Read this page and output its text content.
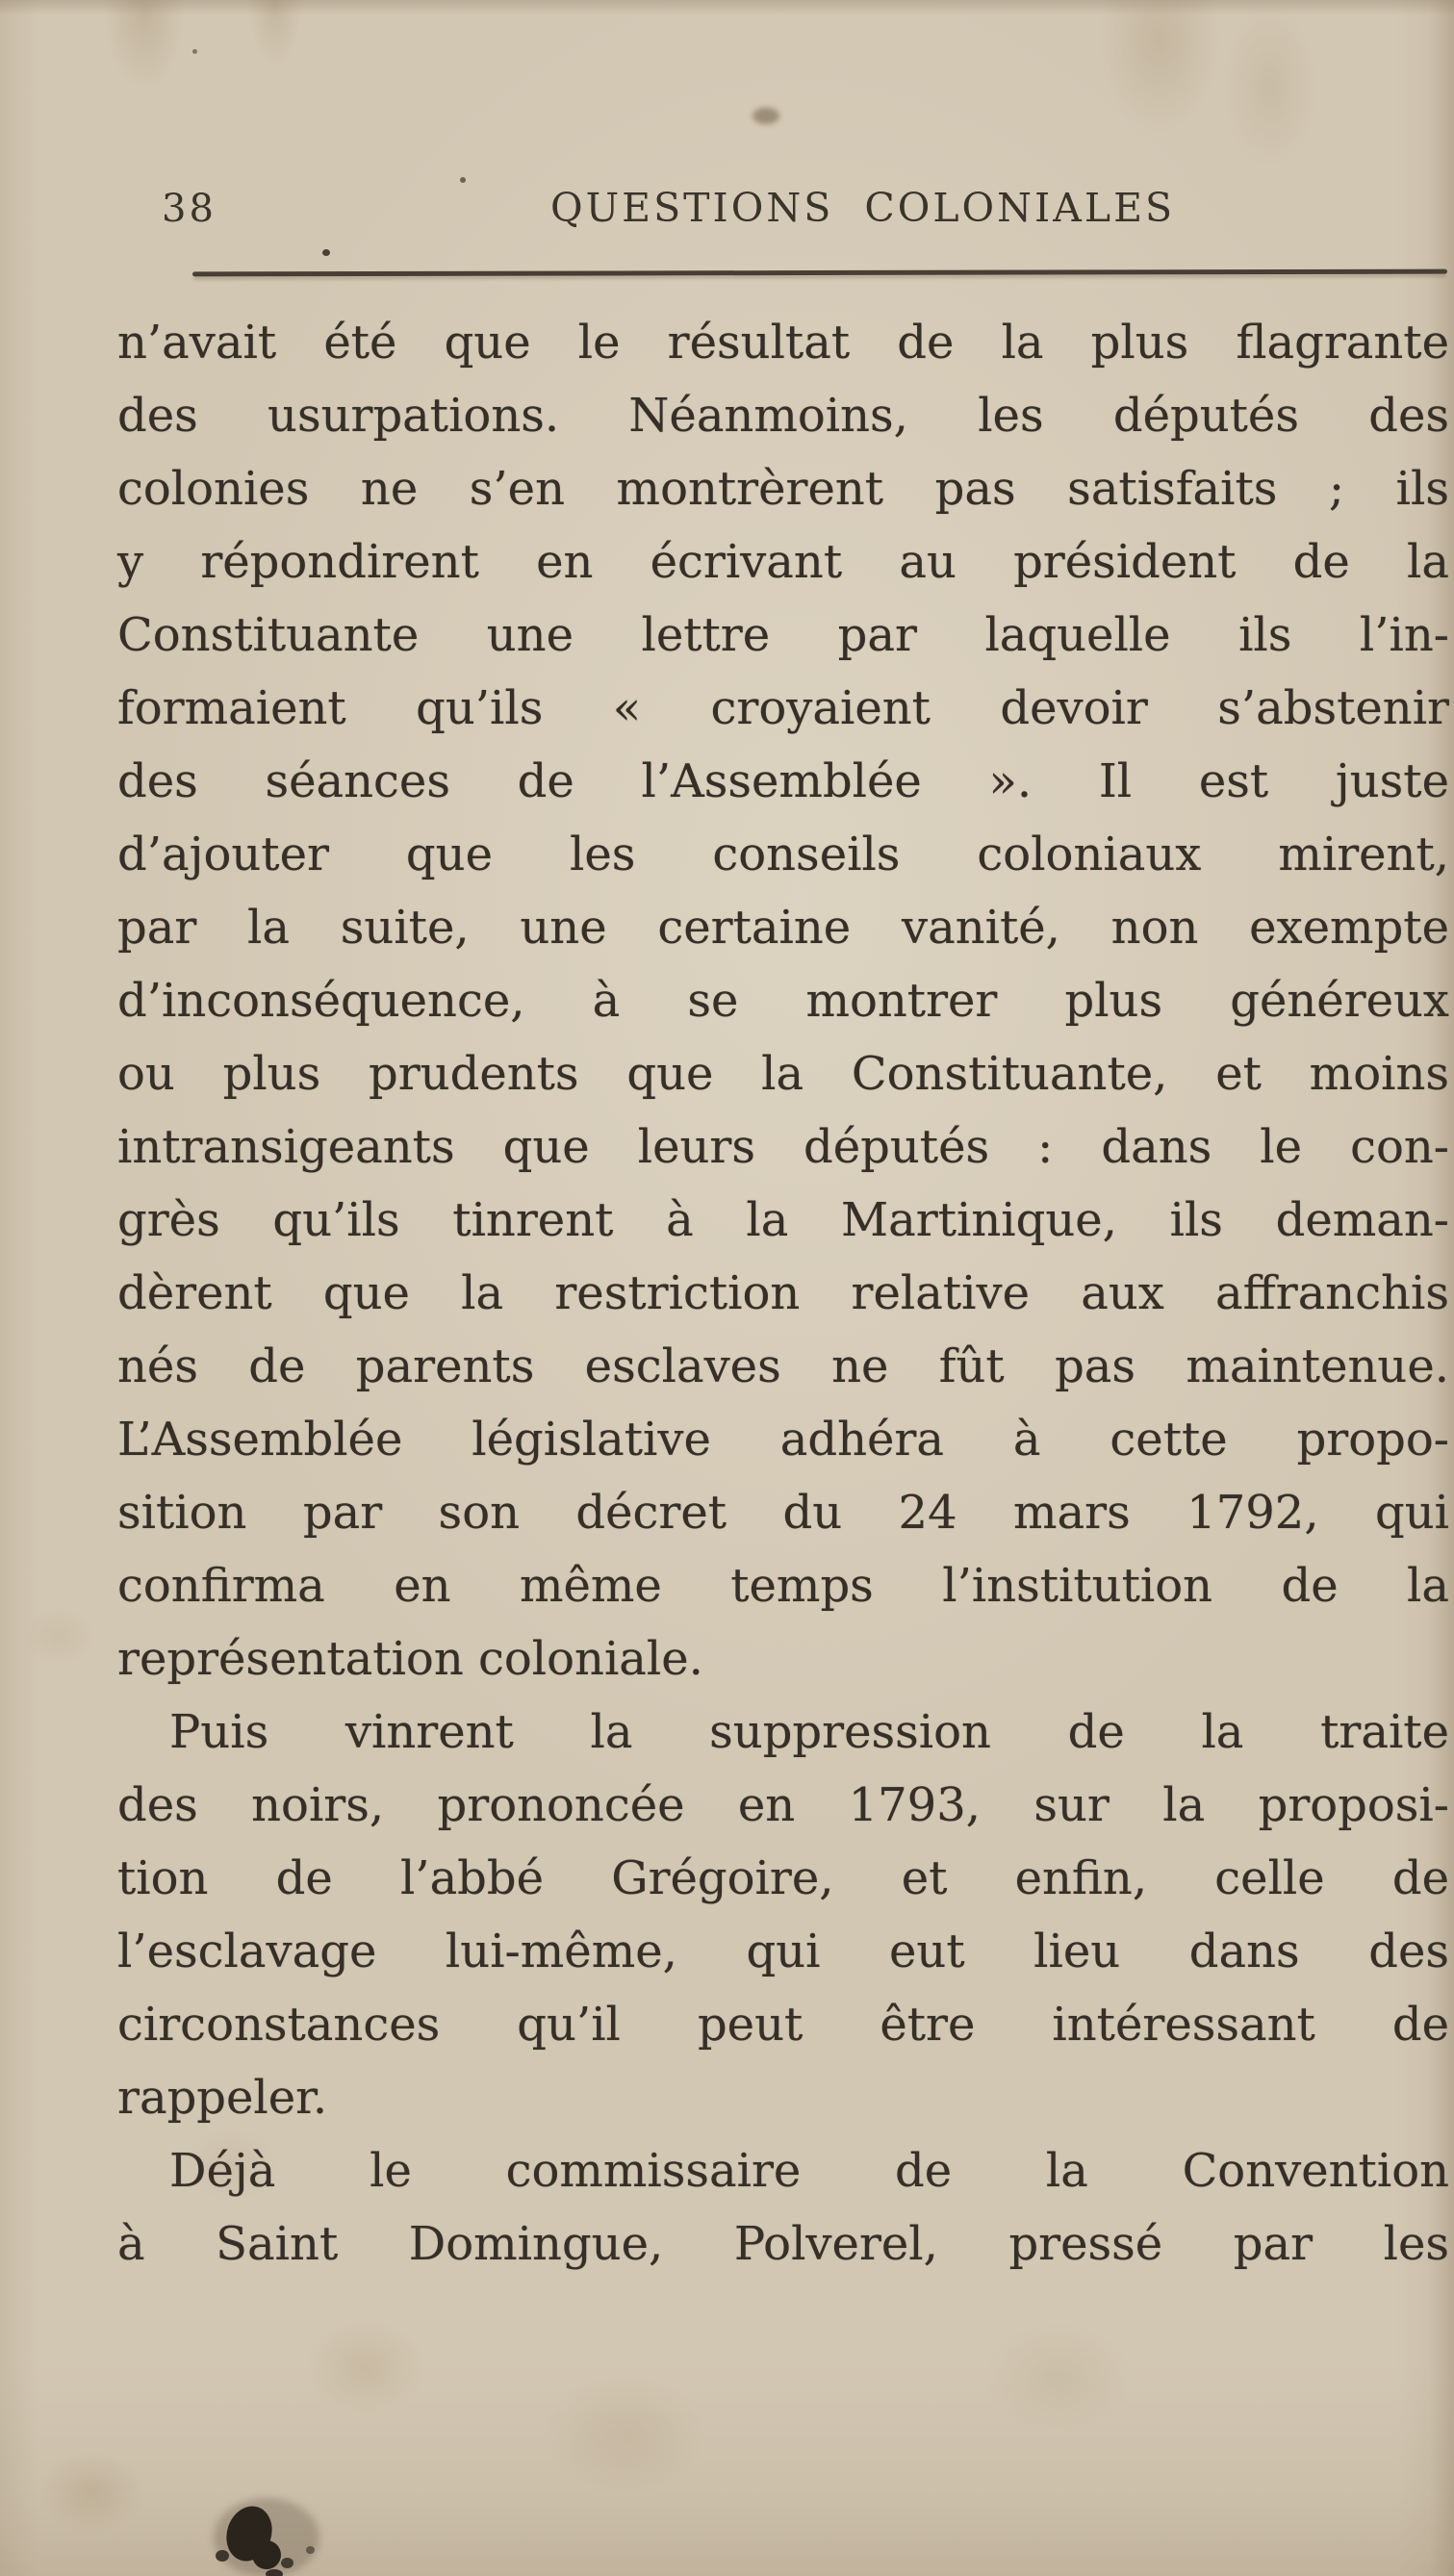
38	QUESTIONS COLONIALES
n’avait été que le résultat de la plus flagrante
des usurpations. Néanmoins, les députés des
colonies ne s’en montrèrent pas satisfaits ; ils
y répondirent en écrivant au président de la
Constituante une lettre par laquelle ils l’in-
formaient qu’ils « croyaient devoir s’abstenir
des séances de l’Assemblée ». Il est juste
d’ajouter que les conseils coloniaux mirent,
par la suite, une certaine vanité, non exempte
d’inconséquence, à se montrer plus généreux
ou plus prudents que la Constituante, et moins
intransigeants que leurs députés : dans le con-
grès qu’ils tinrent à la Martinique, ils deman-
dèrent que la restriction relative aux affranchis
nés de parents esclaves ne fût pas maintenue.
L’Assemblée législative adhéra à cette propo-
sition par son décret du 24 mars 1792, qui
confirma en même temps l’institution de la
représentation coloniale.
Puis vinrent la suppression de la traite
des noirs, prononcée en 1793, sur la proposi-
tion de l’abbé Grégoire, et enfin, celle de
l’esclavage lui-même, qui eut lieu dans des
circonstances qu’il peut être intéressant de
rappeler.
Déjà le commissaire de la Convention
à Saint Domingue, Polverel, pressé par les
